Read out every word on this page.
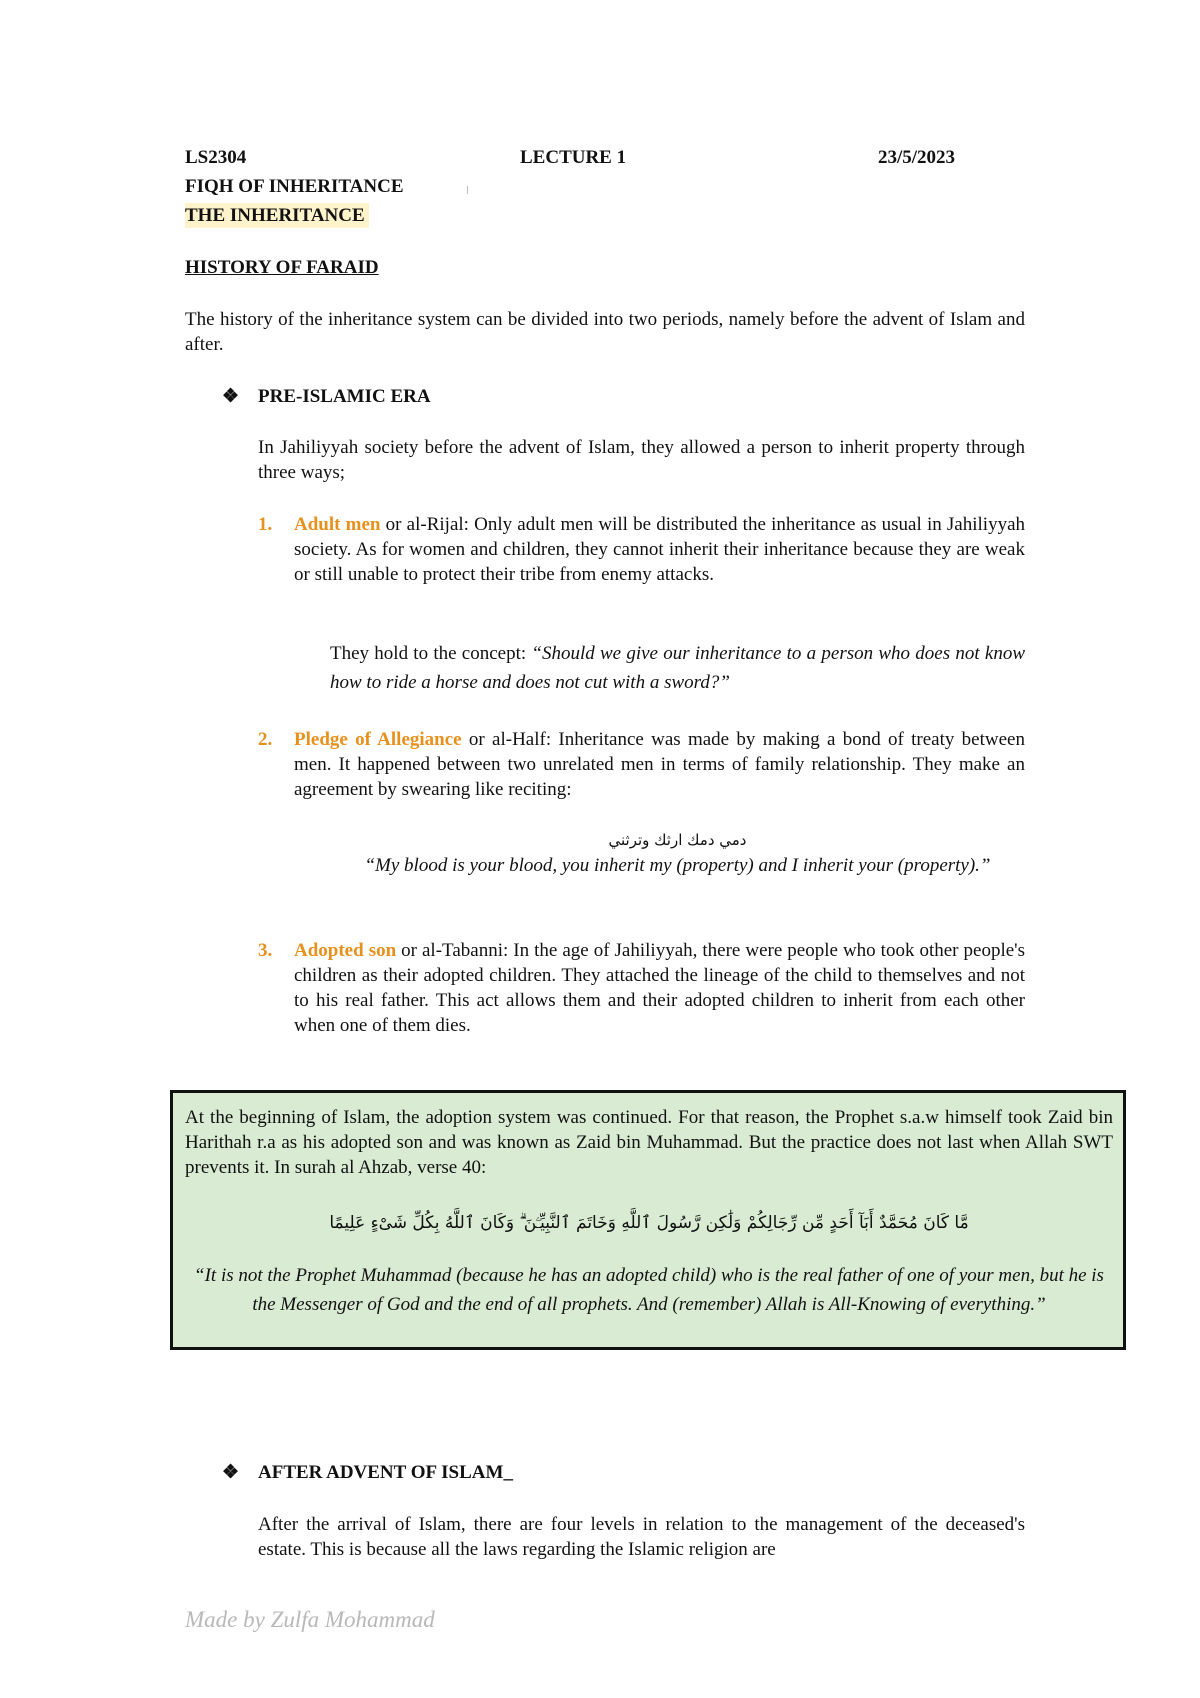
LS2304	LECTURE 1	23/5/2023
FIQH OF INHERITANCE
THE INHERITANCE
HISTORY OF FARAID
The history of the inheritance system can be divided into two periods, namely before the advent of Islam and after.
❖ PRE-ISLAMIC ERA
In Jahiliyyah society before the advent of Islam, they allowed a person to inherit property through three ways;
1. Adult men or al-Rijal: Only adult men will be distributed the inheritance as usual in Jahiliyyah society. As for women and children, they cannot inherit their inheritance because they are weak or still unable to protect their tribe from enemy attacks.
They hold to the concept: “Should we give our inheritance to a person who does not know how to ride a horse and does not cut with a sword?”
2. Pledge of Allegiance or al-Half: Inheritance was made by making a bond of treaty between men. It happened between two unrelated men in terms of family relationship. They make an agreement by swearing like reciting:
دمي دمك ارثك وترثني
“My blood is your blood, you inherit my (property) and I inherit your (property).”
3. Adopted son or al-Tabanni: In the age of Jahiliyyah, there were people who took other people's children as their adopted children. They attached the lineage of the child to themselves and not to his real father. This act allows them and their adopted children to inherit from each other when one of them dies.
At the beginning of Islam, the adoption system was continued. For that reason, the Prophet s.a.w himself took Zaid bin Harithah r.a as his adopted son and was known as Zaid bin Muhammad. But the practice does not last when Allah SWT prevents it. In surah al Ahzab, verse 40:
مَّا كَانَ مُحَمَّدٌ أَبَآ أَحَدٍ مِّن رِّجَالِكُمْ وَلَٰكِن رَّسُولَ ٱللَّهِ وَخَاتَمَ ٱلنَّبِيِّـۧنَ ۗ وَكَانَ ٱللَّهُ بِكُلِّ شَىْءٍ عَلِيمًا
“It is not the Prophet Muhammad (because he has an adopted child) who is the real father of one of your men, but he is the Messenger of God and the end of all prophets. And (remember) Allah is All-Knowing of everything.”
❖ AFTER ADVENT OF ISLAM_
After the arrival of Islam, there are four levels in relation to the management of the deceased's estate. This is because all the laws regarding the Islamic religion are
Made by Zulfa Mohammad
